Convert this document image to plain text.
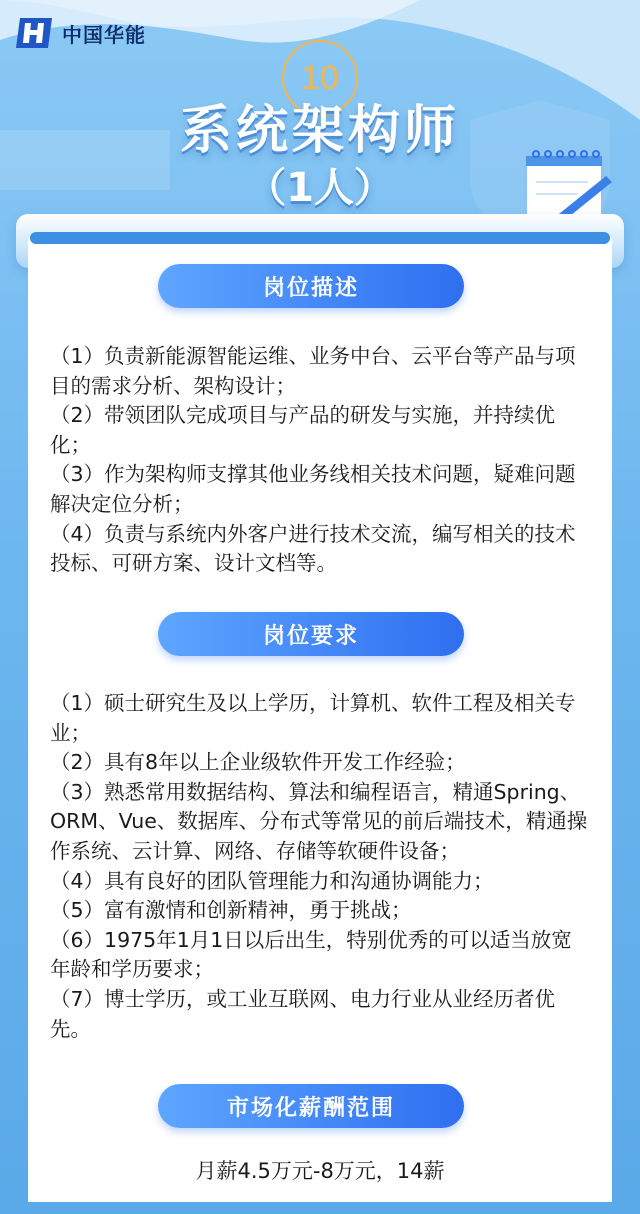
中国华能
10
系统架构师
（1人）
岗位描述

（1）负责新能源智能运维、业务中台、云平台等产品与项目的需求分析、架构设计；

（2）带领团队完成项目与产品的研发与实施，并持续优化；

（3）作为架构师支撑其他业务线相关技术问题，疑难问题解决定位分析；

（4）负责与系统内外客户进行技术交流，编写相关的技术投标、可研方案、设计文档等。

岗位要求

（1）硕士研究生及以上学历，计算机、软件工程及相关专业；

（2）具有8年以上企业级软件开发工作经验；

（3）熟悉常用数据结构、算法和编程语言，精通Spring、ORM、Vue、数据库、分布式等常见的前后端技术，精通操作系统、云计算、网络、存储等软硬件设备；

（4）具有良好的团队管理能力和沟通协调能力；

（5）富有激情和创新精神，勇于挑战；

（6）1975年1月1日以后出生，特别优秀的可以适当放宽年龄和学历要求；

（7）博士学历，或工业互联网、电力行业从业经历者优先。

市场化薪酬范围
月薪4.5万元-8万元，14薪
